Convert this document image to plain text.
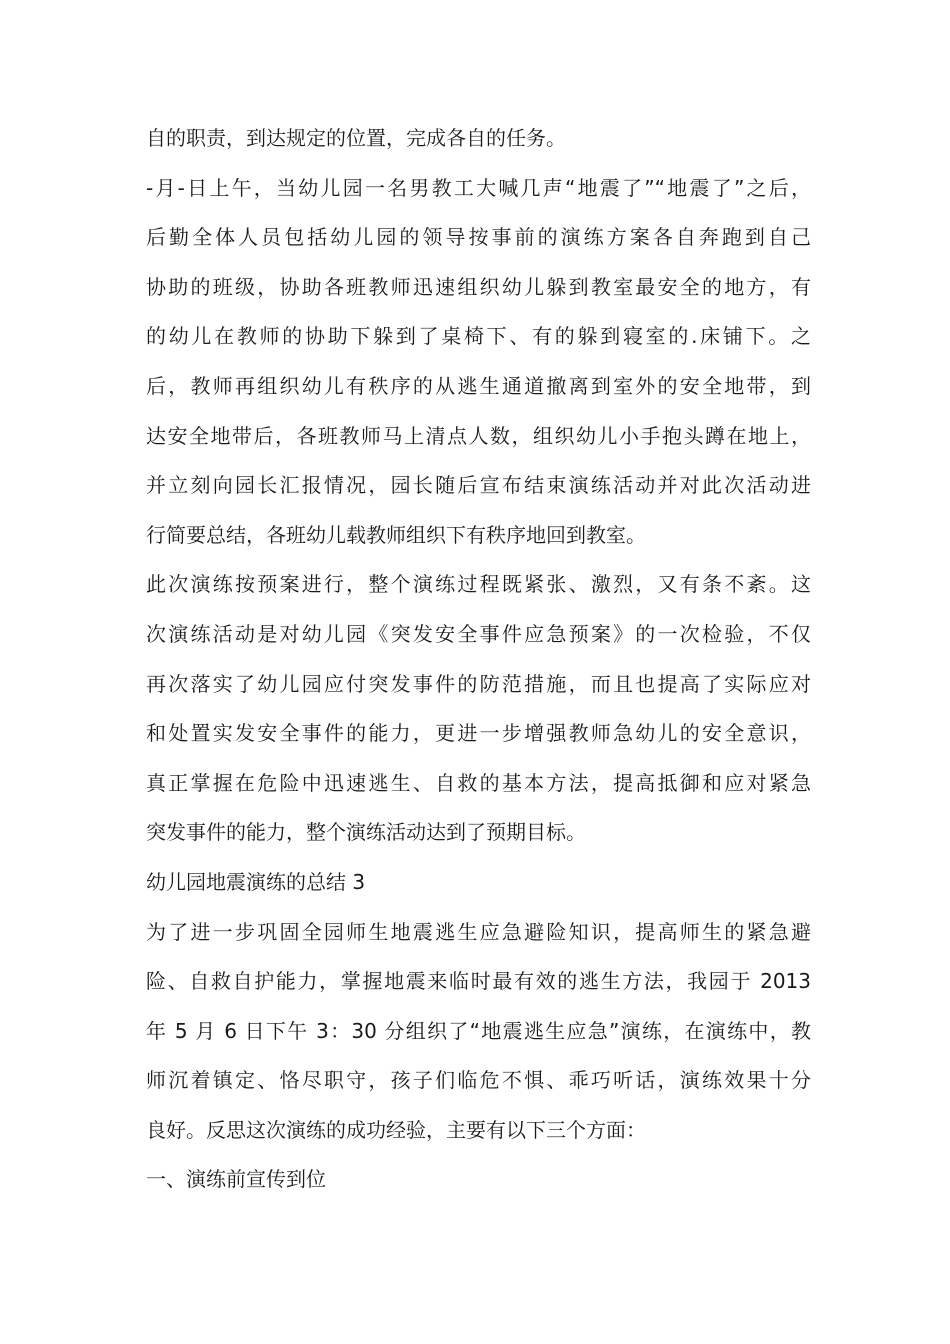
自的职责，到达规定的位置，完成各自的任务。
-月-日上午，当幼儿园一名男教工大喊几声“地震了”“地震了”之后，
后勤全体人员包括幼儿园的领导按事前的演练方案各自奔跑到自己
协助的班级，协助各班教师迅速组织幼儿躲到教室最安全的地方，有
的幼儿在教师的协助下躲到了桌椅下、有的躲到寝室的.床铺下。之
后，教师再组织幼儿有秩序的从逃生通道撤离到室外的安全地带，到
达安全地带后，各班教师马上清点人数，组织幼儿小手抱头蹲在地上，
并立刻向园长汇报情况，园长随后宣布结束演练活动并对此次活动进
行简要总结，各班幼儿载教师组织下有秩序地回到教室。
此次演练按预案进行，整个演练过程既紧张、激烈，又有条不紊。这
次演练活动是对幼儿园《突发安全事件应急预案》的一次检验，不仅
再次落实了幼儿园应付突发事件的防范措施，而且也提高了实际应对
和处置实发安全事件的能力，更进一步增强教师急幼儿的安全意识，
真正掌握在危险中迅速逃生、自救的基本方法，提高抵御和应对紧急
突发事件的能力，整个演练活动达到了预期目标。
幼儿园地震演练的总结 3
为了进一步巩固全园师生地震逃生应急避险知识，提高师生的紧急避
险、自救自护能力，掌握地震来临时最有效的逃生方法，我园于 2013
年 5 月 6 日下午 3：30 分组织了“地震逃生应急”演练，在演练中，教
师沉着镇定、恪尽职守，孩子们临危不惧、乖巧听话，演练效果十分
良好。反思这次演练的成功经验，主要有以下三个方面：
一、演练前宣传到位
